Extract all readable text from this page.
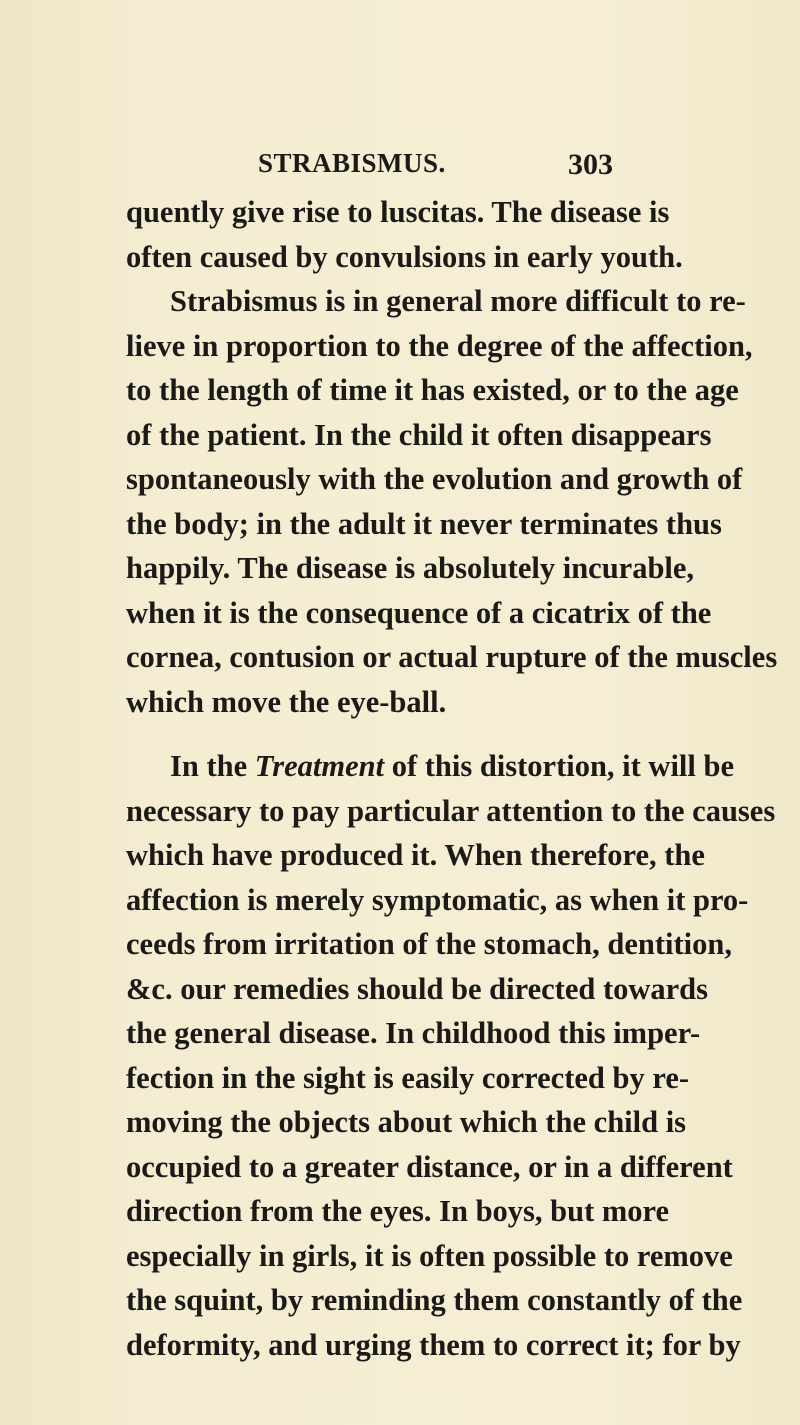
STRABISMUS.	303
quently give rise to luscitas. The disease is
often caused by convulsions in early youth.
Strabismus is in general more difficult to re-
lieve in proportion to the degree of the affection,
to the length of time it has existed, or to the age
of the patient. In the child it often disappears
spontaneously with the evolution and growth of
the body; in the adult it never terminates thus
happily. The disease is absolutely incurable,
when it is the consequence of a cicatrix of the
cornea, contusion or actual rupture of the muscles
which move the eye-ball.
In the Treatment of this distortion, it will be
necessary to pay particular attention to the causes
which have produced it. When therefore, the
affection is merely symptomatic, as when it pro-
ceeds from irritation of the stomach, dentition,
&c. our remedies should be directed towards
the general disease. In childhood this imper-
fection in the sight is easily corrected by re-
moving the objects about which the child is
occupied to a greater distance, or in a different
direction from the eyes. In boys, but more
especially in girls, it is often possible to remove
the squint, by reminding them constantly of the
deformity, and urging them to correct it; for by
